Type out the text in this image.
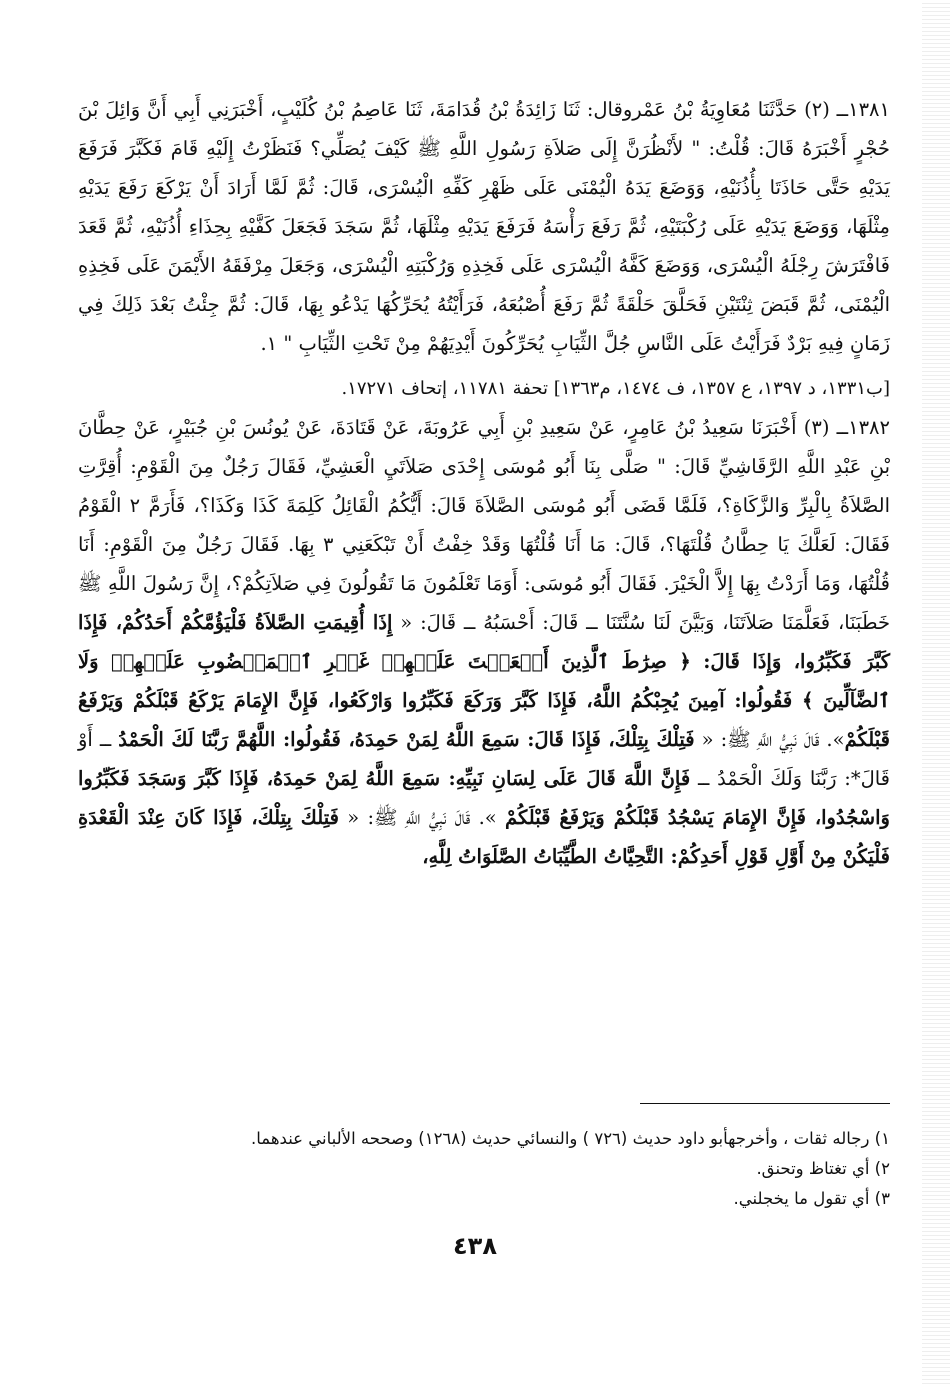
١٣٨١ــ (٢) حَدَّثَنَا مُعَاوِيَةُ بْنُ عَمْروقال: ثَنَا زَائِدَةُ بْنُ قُدَامَةَ، ثَنَا عَاصِمُ بْنُ كُلَيْبٍ، أَخْبَرَنِي أَبِي أَنَّ وَائِلَ بْنَ حُجْرٍ أَخْبَرَهُ قَالَ: قُلْتُ: " لأَنْظُرَنَّ إِلَى صَلاَةِ رَسُولِ اللَّهِ ﷺ كَيْفَ يُصَلِّي؟ فَنَظَرْتُ إِلَيْهِ قَامَ فَكَبَّرَ فَرَفَعَ يَدَيْهِ حَتَّى حَاذَتَا بِأُذُنَيْهِ، وَوَضَعَ يَدَهُ الْيُمْنَى عَلَى ظَهْرِ كَفِّهِ الْيُسْرَى، قَالَ: ثُمَّ لَمَّا أَرَادَ أَنْ يَرْكَعَ رَفَعَ يَدَيْهِ مِثْلَهَا، وَوَضَعَ يَدَيْهِ عَلَى رُكْبَتَيْهِ، ثُمَّ رَفَعَ رَأْسَهُ فَرَفَعَ يَدَيْهِ مِثْلَهَا، ثُمَّ سَجَدَ فَجَعَلَ كَفَّيْهِ بِحِذَاءِ أُذُنَيْهِ، ثُمَّ قَعَدَ فَافْتَرَشَ رِجْلَهُ الْيُسْرَى، وَوَضَعَ كَفَّهُ الْيُسْرَى عَلَى فَخِذِهِ وَرُكْبَتِهِ الْيُسْرَى، وَجَعَلَ مِرْفَقَهُ الأَيْمَنَ عَلَى فَخِذِهِ الْيُمْنَى، ثُمَّ قَبَضَ ثِنْتَيْنِ فَحَلَّقَ حَلْقَةً ثُمَّ رَفَعَ أُصْبُعَهُ، فَرَأَيْتُهُ يُحَرِّكُهَا يَدْعُو بِهَا، قَالَ: ثُمَّ جِئْتُ بَعْدَ ذَلِكَ فِي زَمَانٍ فِيهِ بَرْدٌ فَرَأَيْتُ عَلَى النَّاسِ جُلَّ الثِّيَابِ يُحَرِّكُونَ أَيْدِيَهُمْ مِنْ تَحْتِ الثِّيَابِ " ١.

[ب١٣٣١، د ١٣٩٧، ع ١٣٥٧، ف ١٤٧٤، م١٣٦٣] تحفة ١١٧٨١، إتحاف ١٧٢٧١.

١٣٨٢ــ (٣) أَخْبَرَنَا سَعِيدُ بْنُ عَامِرٍ، عَنْ سَعِيدِ بْنِ أَبِي عَرُوبَةَ، عَنْ قَتَادَةَ، عَنْ يُونُسَ بْنِ جُبَيْرٍ، عَنْ حِطَّانَ بْنِ عَبْدِ اللَّهِ الرَّقَاشِيِّ قَالَ: " صَلَّى بِنَا أَبُو مُوسَى إِحْدَى صَلاَتَيِ الْعَشِيِّ، فَقَالَ رَجُلٌ مِنَ الْقَوْمِ: أُقِرَّتِ الصَّلاَةُ بِالْبِرِّ وَالزَّكَاةِ؟، فَلَمَّا قَضَى أَبُو مُوسَى الصَّلاَةَ قَالَ: أَيُّكُمُ الْقَائِلُ كَلِمَةَ كَذَا وَكَذَا؟، فَأَرَمَّ ٢ الْقَوْمُ فَقَالَ: لَعَلَّكَ يَا حِطَّانُ قُلْتَهَا؟، قَالَ: مَا أَنَا قُلْتُهَا وَقَدْ خِفْتُ أَنْ تَبْكَعَنِي ٣ بِهَا. فَقَالَ رَجُلٌ مِنَ الْقَوْمِ: أَنَا قُلْتُهَا، وَمَا أَرَدْتُ بِهَا إِلاَّ الْخَيْرَ. فَقَالَ أَبُو مُوسَى: أَوَمَا تَعْلَمُونَ مَا تَقُولُونَ فِي صَلاَتِكُمْ؟، إِنَّ رَسُولَ اللَّهِ ﷺ خَطَبَنَا، فَعَلَّمَنَا صَلاَتَنَا، وَبَيَّنَ لَنَا سُنَّتَنَا ــ قَالَ: أَحْسَبُهُ ــ قَالَ: « إِذَا أُقِيمَتِ الصَّلاَةُ فَلْيَؤُمَّكُمْ أَحَدُكُمْ، فَإِذَا كَبَّرَ فَكَبِّرُوا، وَإِذَا قَالَ: ﴿ صِرَٰطَ ٱلَّذِينَ أَنۡعَمۡتَ عَلَيۡهِمۡ غَيۡرِ ٱلۡمَغۡضُوبِ عَلَيۡهِمۡ وَلَا ٱلضَّآلِّينَ ﴾ فَقُولُوا: آمِينَ يُجِبْكُمُ اللَّهُ، فَإِذَا كَبَّرَ وَرَكَعَ فَكَبِّرُوا وَارْكَعُوا، فَإِنَّ الإِمَامَ يَرْكَعُ قَبْلَكُمْ وَيَرْفَعُ قَبْلَكُمْ». قَالَ نَبِيُّ اللَّهِ ﷺ: « فَتِلْكَ بِتِلْكَ، فَإِذَا قَالَ: سَمِعَ اللَّهُ لِمَنْ حَمِدَهُ، فَقُولُوا: اللَّهُمَّ رَبَّنَا لَكَ الْحَمْدُ ــ أَوْ قَالَ*: رَبَّنَا وَلَكَ الْحَمْدُ ــ فَإِنَّ اللَّهَ قَالَ عَلَى لِسَانِ نَبِيِّهِ: سَمِعَ اللَّهُ لِمَنْ حَمِدَهُ، فَإِذَا كَبَّرَ وَسَجَدَ فَكَبِّرُوا وَاسْجُدُوا، فَإِنَّ الإِمَامَ يَسْجُدُ قَبْلَكُمْ وَيَرْفَعُ قَبْلَكُمْ ». قَالَ نَبِيُّ اللَّهِ ﷺ: « فَتِلْكَ بِتِلْكَ، فَإِذَا كَانَ عِنْدَ الْقَعْدَةِ فَلْيَكُنْ مِنْ أَوَّلِ قَوْلِ أَحَدِكُمْ: التَّحِيَّاتُ الطَّيِّبَاتُ الصَّلَوَاتُ لِلَّهِ،

١) رجاله ثقات ، وأخرجهأبو داود حديث (٧٢٦ ) والنسائي حديث (١٢٦٨) وصححه الألباني عندهما.

٢) أي تغتاظ وتحنق.

٣) أي تقول ما يخجلني.

٤٣٨
